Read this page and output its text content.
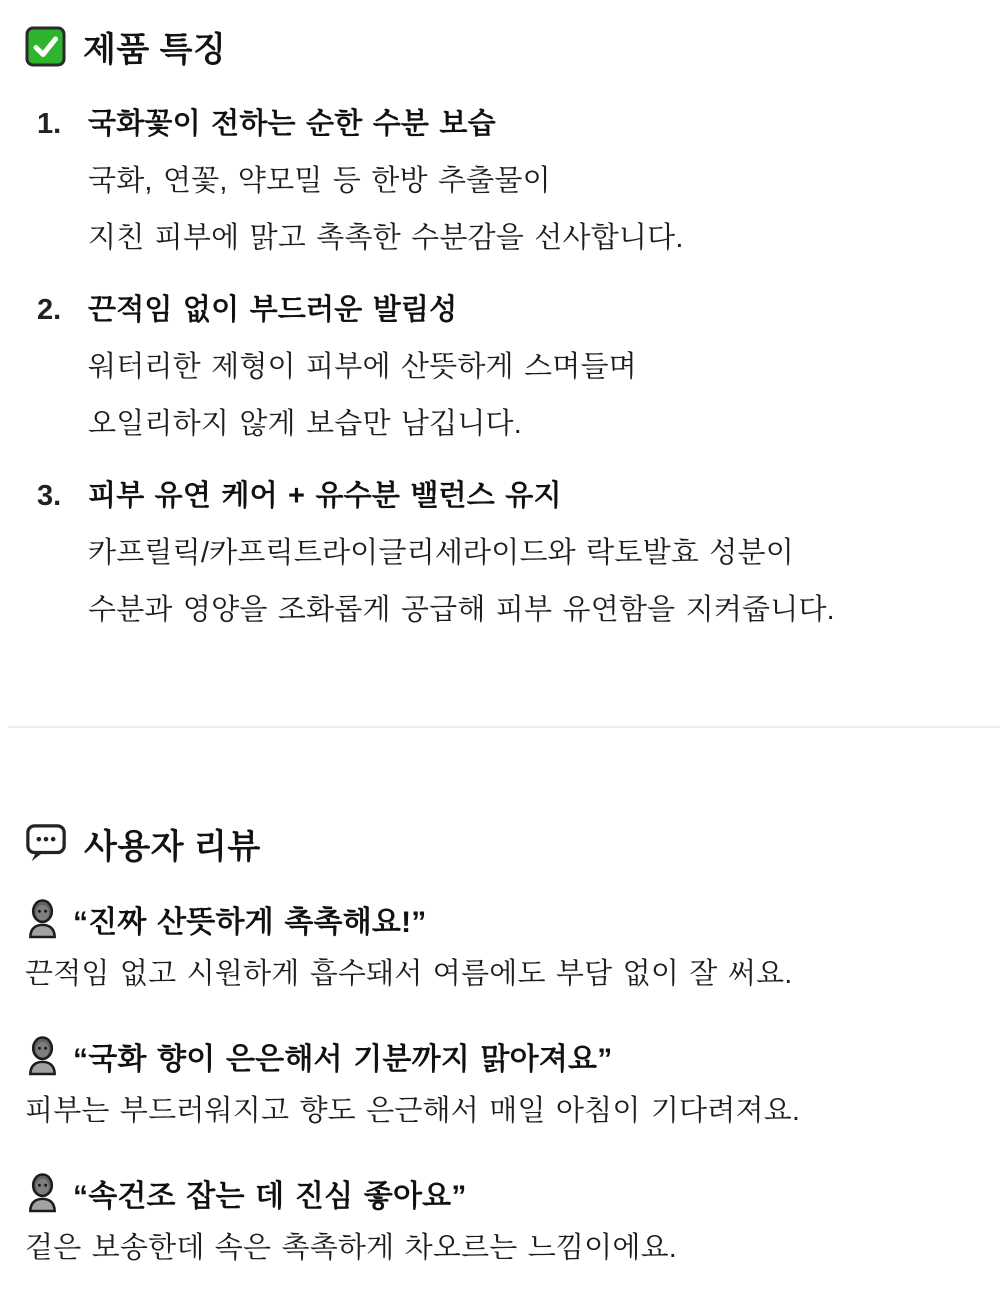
제품 특징
1. 국화꽃이 전하는 순한 수분 보습
국화, 연꽃, 약모밀 등 한방 추출물이
지친 피부에 맑고 촉촉한 수분감을 선사합니다.
2. 끈적임 없이 부드러운 발림성
워터리한 제형이 피부에 산뜻하게 스며들며
오일리하지 않게 보습만 남깁니다.
3. 피부 유연 케어 + 유수분 밸런스 유지
카프릴릭/카프릭트라이글리세라이드와 락토발효 성분이
수분과 영양을 조화롭게 공급해 피부 유연함을 지켜줍니다.
사용자 리뷰
“진짜 산뜻하게 촉촉해요!”
끈적임 없고 시원하게 흡수돼서 여름에도 부담 없이 잘 써요.
“국화 향이 은은해서 기분까지 맑아져요”
피부는 부드러워지고 향도 은근해서 매일 아침이 기다려져요.
“속건조 잡는 데 진심 좋아요”
겉은 보송한데 속은 촉촉하게 차오르는 느낌이에요.
